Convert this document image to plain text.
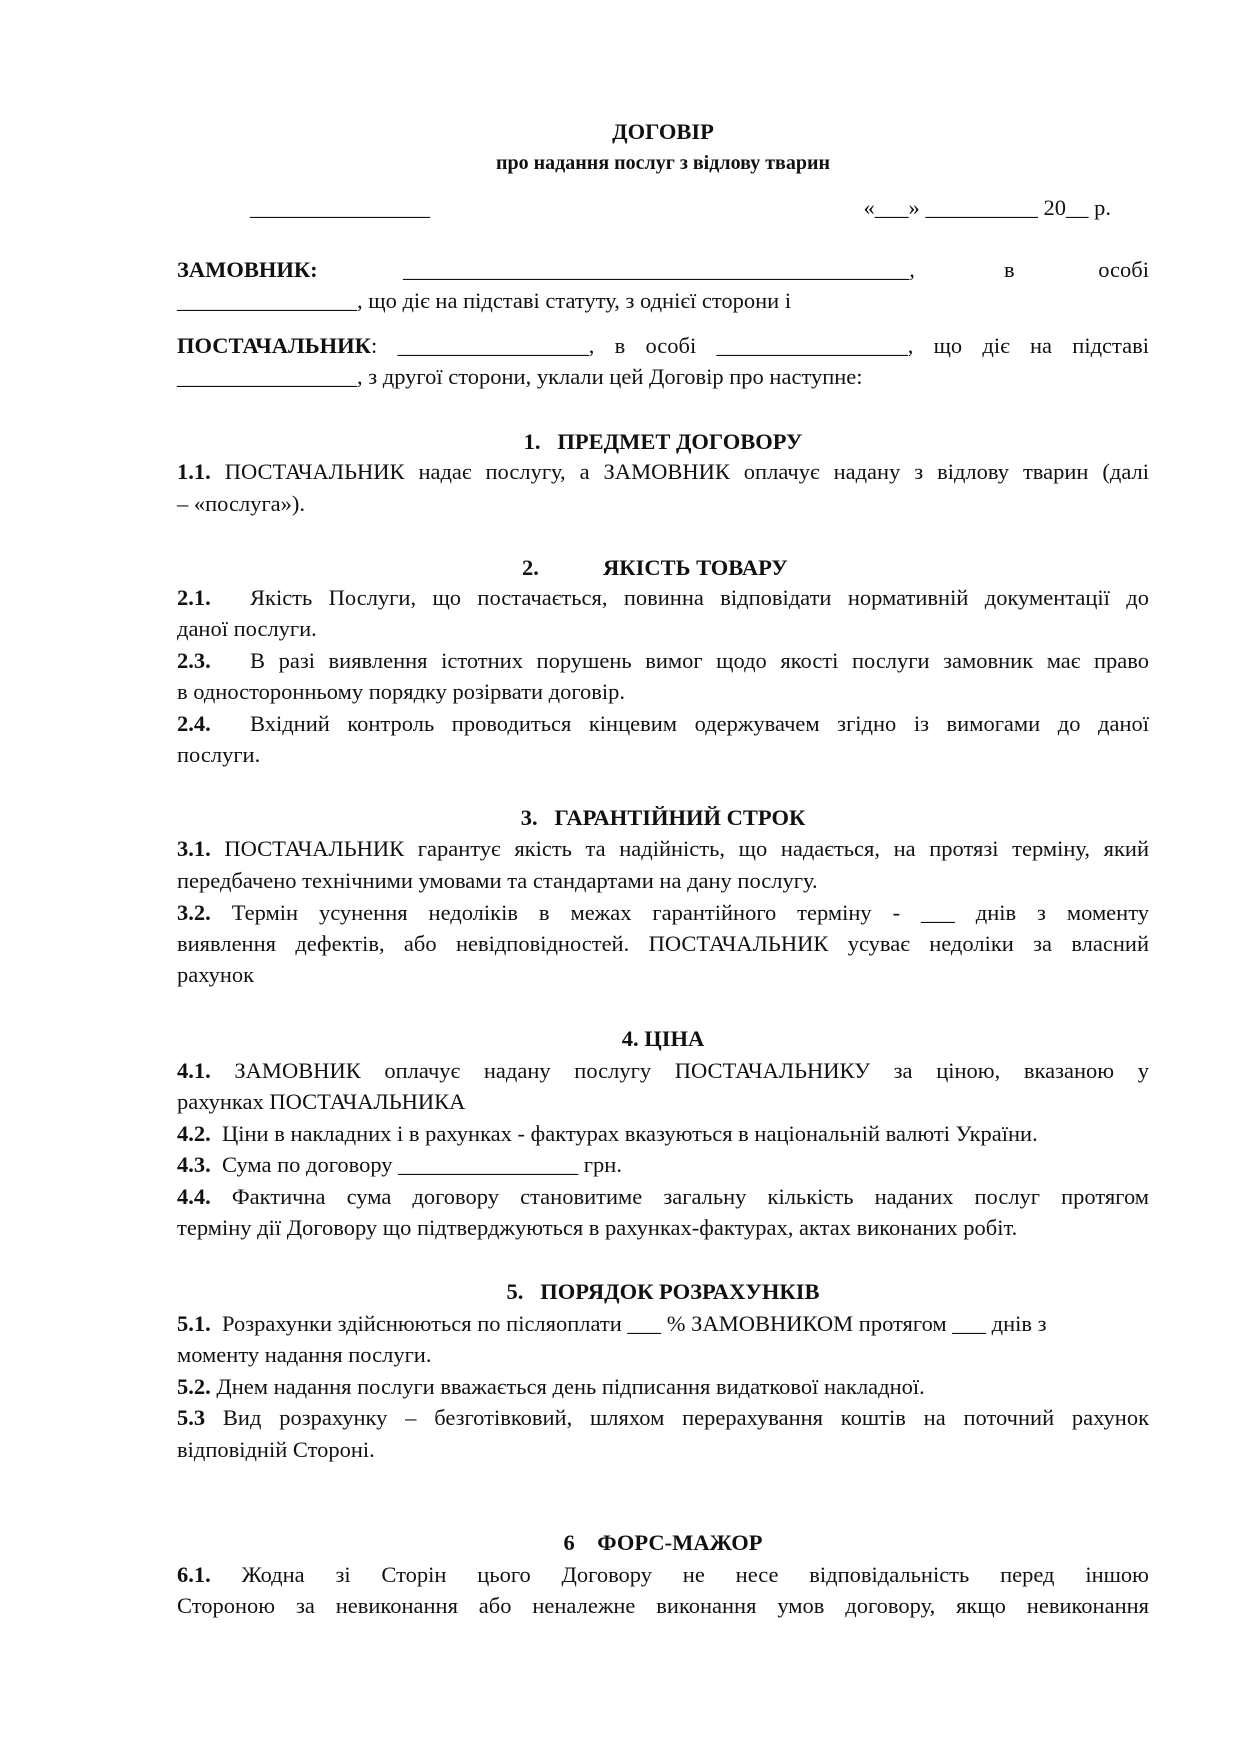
ДОГОВІР

про надання послуг з відлову тварин

________________	«___» __________ 20__ р.

ЗАМОВНИК:	_____________________________________________,	в	особі

________________, що діє на підставі статуту, з однієї сторони і

ПОСТАЧАЛЬНИК: _________________, в особі _________________, що діє на підставі

________________, з другої сторони, уклали цей Договір про наступне:

1.   ПРЕДМЕТ ДОГОВОРУ

1.1. ПОСТАЧАЛЬНИК надає послугу, а ЗАМОВНИК оплачує надану з відлову тварин (далі

– «послуга»).

2.	ЯКІСТЬ ТОВАРУ
2.1. Якість Послуги, що постачається, повинна відповідати нормативній документації до

даної послуги.

2.3. В разі виявлення істотних порушень вимог щодо якості послуги замовник має право

в односторонньому порядку розірвати договір.

2.4. Вхідний контроль проводиться кінцевим одержувачем згідно із вимогами до даної

послуги.

3.   ГАРАНТІЙНИЙ СТРОК

3.1. ПОСТАЧАЛЬНИК гарантує якість та надійність, що надається, на протязі терміну, який

передбачено технічними умовами та стандартами на дану послугу.

3.2. Термін усунення недоліків в межах гарантійного терміну - ___ днів з моменту

виявлення дефектів, або невідповідностей. ПОСТАЧАЛЬНИК усуває недоліки за власний

рахунок

4. ЦІНА

4.1. ЗАМОВНИК оплачує надану послугу ПОСТАЧАЛЬНИКУ за ціною, вказаною у

рахунках ПОСТАЧАЛЬНИКА

4.2.  Ціни в накладних і в рахунках - фактурах вказуються в національній валюті України.

4.3.  Сума по договору ________________ грн.

4.4. Фактична сума договору становитиме загальну кількість наданих послуг протягом

терміну дії Договору що підтверджуються в рахунках-фактурах, актах виконаних робіт.

5.   ПОРЯДОК РОЗРАХУНКІВ

5.1.  Розрахунки здійснюються по післяоплати ___ % ЗАМОВНИКОМ протягом ___ днів з

моменту надання послуги.

5.2. Днем надання послуги вважається день підписання видаткової накладної.

5.3 Вид розрахунку – безготівковий, шляхом перерахування коштів на поточний рахунок

відповідній Стороні.

6    ФОРС-МАЖОР

6.1. Жодна зі Сторін цього Договору не несе відповідальність перед іншою

Стороною за невиконання або неналежне виконання умов договору, якщо невиконання
